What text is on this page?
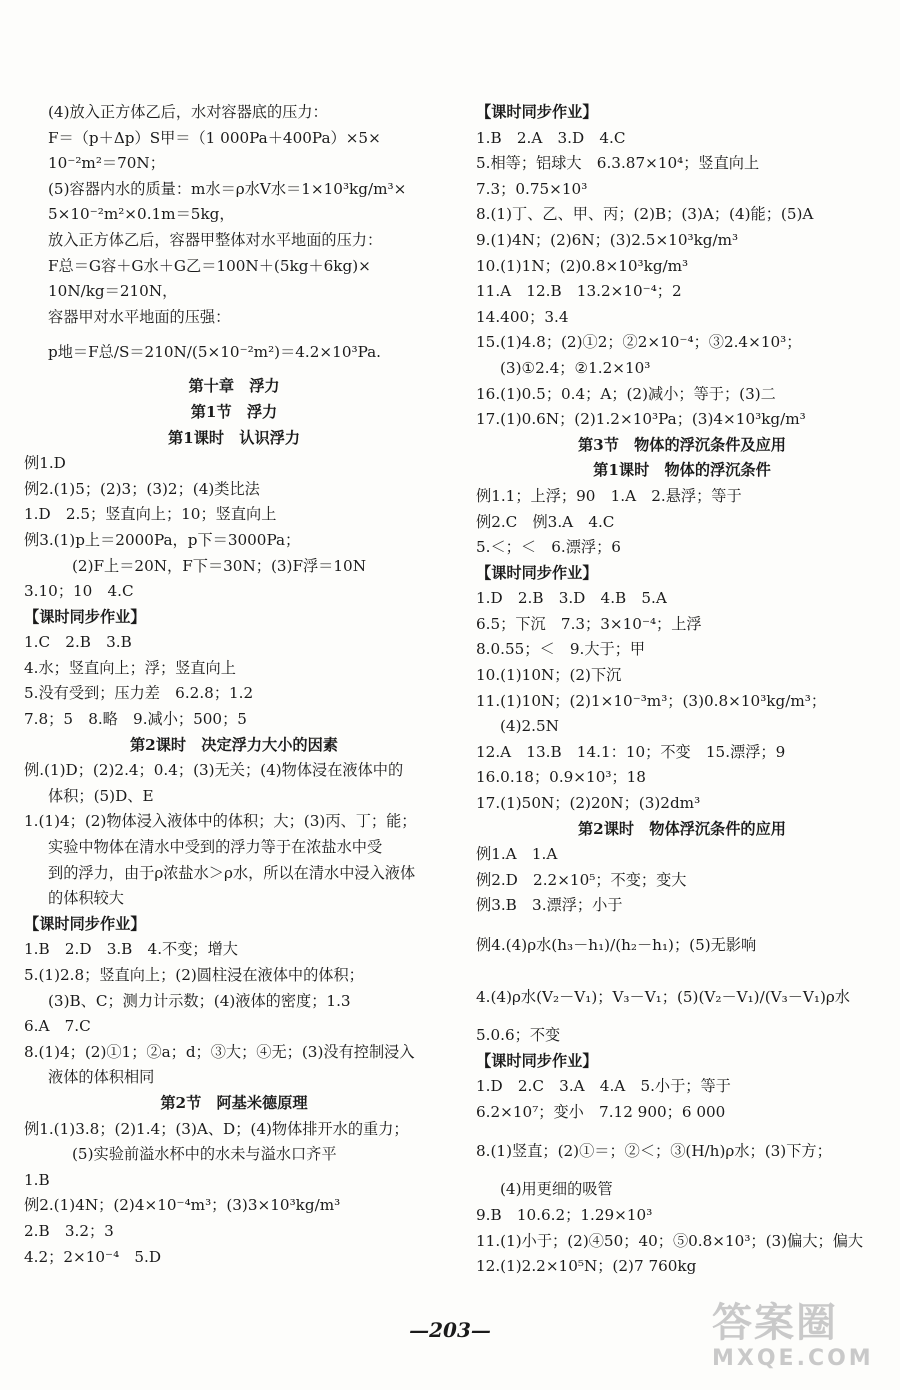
(4)放入正方体乙后，水对容器底的压力：
F＝（p＋Δp）S甲＝（1 000Pa＋400Pa）×5×
10⁻²m²＝70N；
(5)容器内水的质量：m水＝ρ水V水＝1×10³kg/m³×
5×10⁻²m²×0.1m＝5kg，
放入正方体乙后，容器甲整体对水平地面的压力：
F总＝G容＋G水＋G乙＝100N＋(5kg＋6kg)×
10N/kg＝210N，
容器甲对水平地面的压强：
p地＝F总/S＝210N/(5×10⁻²m²)＝4.2×10³Pa.
第十章　浮力
第1节　浮力
第1课时　认识浮力
例1.D
例2.(1)5；(2)3；(3)2；(4)类比法
1.D　2.5；竖直向上；10；竖直向上
例3.(1)p上＝2000Pa，p下＝3000Pa；
(2)F上＝20N，F下＝30N；(3)F浮＝10N
3.10；10　4.C
【课时同步作业】
1.C　2.B　3.B
4.水；竖直向上；浮；竖直向上
5.没有受到；压力差　6.2.8；1.2
7.8；5　8.略　9.减小；500；5
第2课时　决定浮力大小的因素
例.(1)D；(2)2.4；0.4；(3)无关；(4)物体浸在液体中的
体积；(5)D、E
1.(1)4；(2)物体浸入液体中的体积；大；(3)丙、丁；能；
实验中物体在清水中受到的浮力等于在浓盐水中受
到的浮力，由于ρ浓盐水＞ρ水，所以在清水中浸入液体
的体积较大
【课时同步作业】
1.B　2.D　3.B　4.不变；增大
5.(1)2.8；竖直向上；(2)圆柱浸在液体中的体积；
(3)B、C；测力计示数；(4)液体的密度；1.3
6.A　7.C
8.(1)4；(2)①1；②a；d；③大；④无；(3)没有控制浸入
液体的体积相同
第2节　阿基米德原理
例1.(1)3.8；(2)1.4；(3)A、D；(4)物体排开水的重力；
(5)实验前溢水杯中的水未与溢水口齐平
1.B
例2.(1)4N；(2)4×10⁻⁴m³；(3)3×10³kg/m³
2.B　3.2；3
4.2；2×10⁻⁴　5.D
【课时同步作业】
1.B　2.A　3.D　4.C
5.相等；铝球大　6.3.87×10⁴；竖直向上
7.3；0.75×10³
8.(1)丁、乙、甲、丙；(2)B；(3)A；(4)能；(5)A
9.(1)4N；(2)6N；(3)2.5×10³kg/m³
10.(1)1N；(2)0.8×10³kg/m³
11.A　12.B　13.2×10⁻⁴；2
14.400；3.4
15.(1)4.8；(2)①2；②2×10⁻⁴；③2.4×10³；
(3)①2.4；②1.2×10³
16.(1)0.5；0.4；A；(2)减小；等于；(3)二
17.(1)0.6N；(2)1.2×10³Pa；(3)4×10³kg/m³
第3节　物体的浮沉条件及应用
第1课时　物体的浮沉条件
例1.1；上浮；90　1.A　2.悬浮；等于
例2.C　例3.A　4.C
5.＜；＜　6.漂浮；6
【课时同步作业】
1.D　2.B　3.D　4.B　5.A
6.5；下沉　7.3；3×10⁻⁴；上浮
8.0.55；＜　9.大于；甲
10.(1)10N；(2)下沉
11.(1)10N；(2)1×10⁻³m³；(3)0.8×10³kg/m³；
(4)2.5N
12.A　13.B　14.1：10；不变　15.漂浮；9
16.0.18；0.9×10³；18
17.(1)50N；(2)20N；(3)2dm³
第2课时　物体浮沉条件的应用
例1.A　1.A
例2.D　2.2×10⁵；不变；变大
例3.B　3.漂浮；小于
例4.(4)ρ水(h₃－h₁)/(h₂－h₁)；(5)无影响
4.(4)ρ水(V₂－V₁)；V₃－V₁；(5)(V₂－V₁)/(V₃－V₁)ρ水
5.0.6；不变
【课时同步作业】
1.D　2.C　3.A　4.A　5.小于；等于
6.2×10⁷；变小　7.12 900；6 000
8.(1)竖直；(2)①＝；②＜；③(H/h)ρ水；(3)下方；
(4)用更细的吸管
9.B　10.6.2；1.29×10³
11.(1)小于；(2)④50；40；⑤0.8×10³；(3)偏大；偏大
12.(1)2.2×10⁵N；(2)7 760kg
—203—	答案圈
MXQE.COM
